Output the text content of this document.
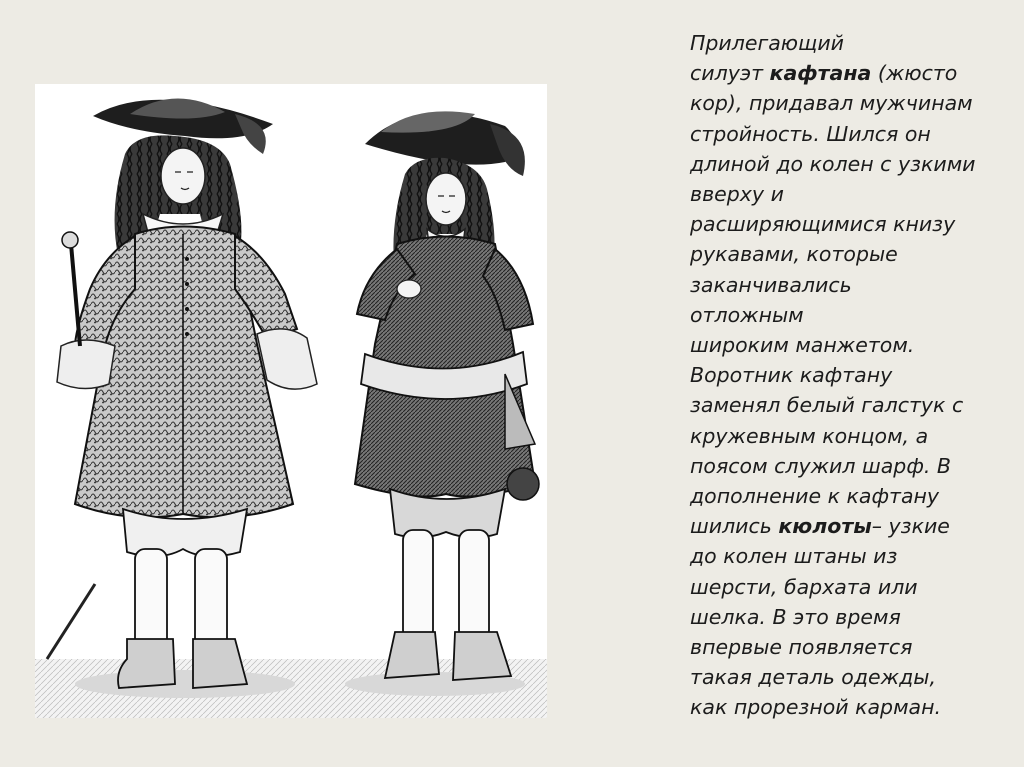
Прилегающий
силуэт кафтана (жюсто
кор), придавал мужчинам
стройность. Шился он
длиной до колен с узкими
вверху и
расширяющимися книзу
рукавами, которые
заканчивались
отложным
широким манжетом.
Воротник кафтану
заменял белый галстук с
кружевным концом, а
поясом служил шарф. В
дополнение к кафтану
шились кюлоты– узкие
до колен штаны из
шерсти, бархата или
шелка. В это время
впервые появляется
такая деталь одежды,
как прорезной карман.
